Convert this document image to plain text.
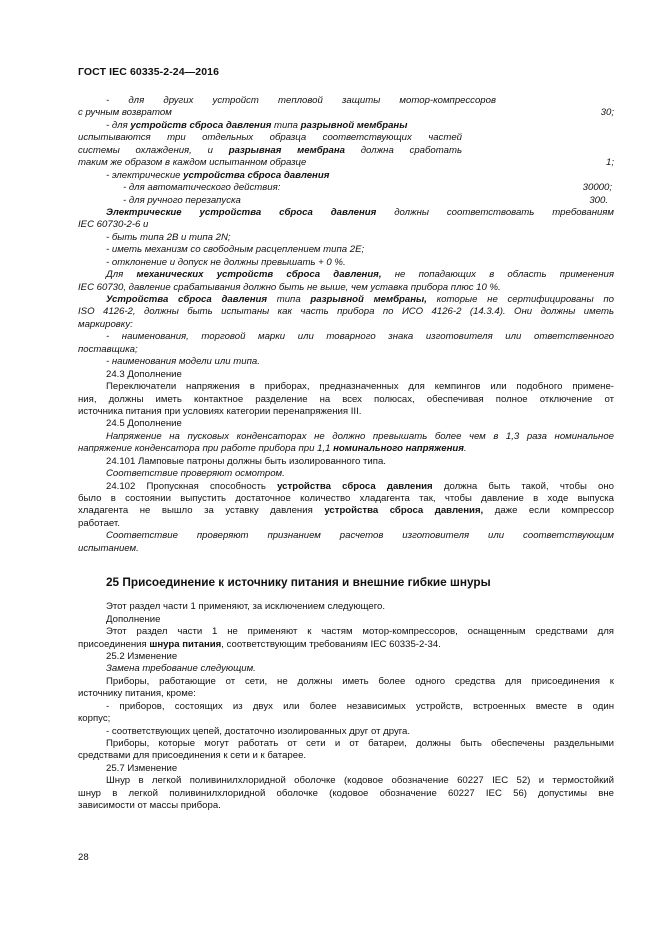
ГОСТ IEC 60335-2-24—2016
- для других устройст тепловой защиты мотор-компрессоров
с ручным возвратом	30;
- для устройств сброса давления типа разрывной мембраны
испытываются три отдельных образца соответствующих частей
системы охлаждения, и разрывная мембрана должна сработать
таким же образом в каждом испытанном образце	1;
- электрические устройства сброса давления
- для автоматического действия:	30000;
- для ручного перезапуска	300.
Электрические устройства сброса давления должны соответствовать требованиям
IEC 60730-2-6 и
- быть типа 2В и типа 2N;
- иметь механизм со свободным расцеплением типа 2Е;
- отклонение и допуск не должны превышать + 0 %.
Для механических устройств сброса давления, не попадающих в область применения
IEC 60730, давление срабатывания должно быть не выше, чем уставка прибора плюс 10 %.
Устройства сброса давления типа разрывной мембраны, которые не сертифицированы по
ISO 4126-2, должны быть испытаны как часть прибора по ИСО 4126-2 (14.3.4). Они должны иметь
маркировку:
- наименования, торговой марки или товарного знака изготовителя или ответственного
поставщика;
- наименования модели или типа.
24.3 Дополнение
Переключатели напряжения в приборах, предназначенных для кемпингов или подобного примене-
ния, должны иметь контактное разделение на всех полюсах, обеспечивая полное отключение от
источника питания при условиях категории перенапряжения III.
24.5 Дополнение
Напряжение на пусковых конденсаторах не должно превышать более чем в 1,3 раза номинальное
напряжение конденсатора при работе прибора при 1,1 номинального напряжения.
24.101 Ламповые патроны должны быть изолированного типа.
Соответствие проверяют осмотром.
24.102 Пропускная способность устройства сброса давления должна быть такой, чтобы оно
было в состоянии выпустить достаточное количество хладагента так, чтобы давление в ходе выпуска
хладагента не вышло за уставку давления устройства сброса давления, даже если компрессор
работает.
Соответствие проверяют признанием расчетов изготовителя или соответствующим
испытанием.
25 Присоединение к источнику питания и внешние гибкие шнуры
Этот раздел части 1 применяют, за исключением следующего.
Дополнение
Этот раздел части 1 не применяют к частям мотор-компрессоров, оснащенным средствами для
присоединения шнура питания, соответствующим требованиям IEC 60335-2-34.
25.2 Изменение
Замена требование следующим.
Приборы, работающие от сети, не должны иметь более одного средства для присоединения к
источнику питания, кроме:
- приборов, состоящих из двух или более независимых устройств, встроенных вместе в один
корпус;
- соответствующих цепей, достаточно изолированных друг от друга.
Приборы, которые могут работать от сети и от батареи, должны быть обеспечены раздельными
средствами для присоединения к сети и к батарее.
25.7 Изменение
Шнур в легкой поливинилхлоридной оболочке (кодовое обозначение 60227 IEC 52) и термостойкий
шнур в легкой поливинилхлоридной оболочке (кодовое обозначение 60227 IEC 56) допустимы вне
зависимости от массы прибора.
28
